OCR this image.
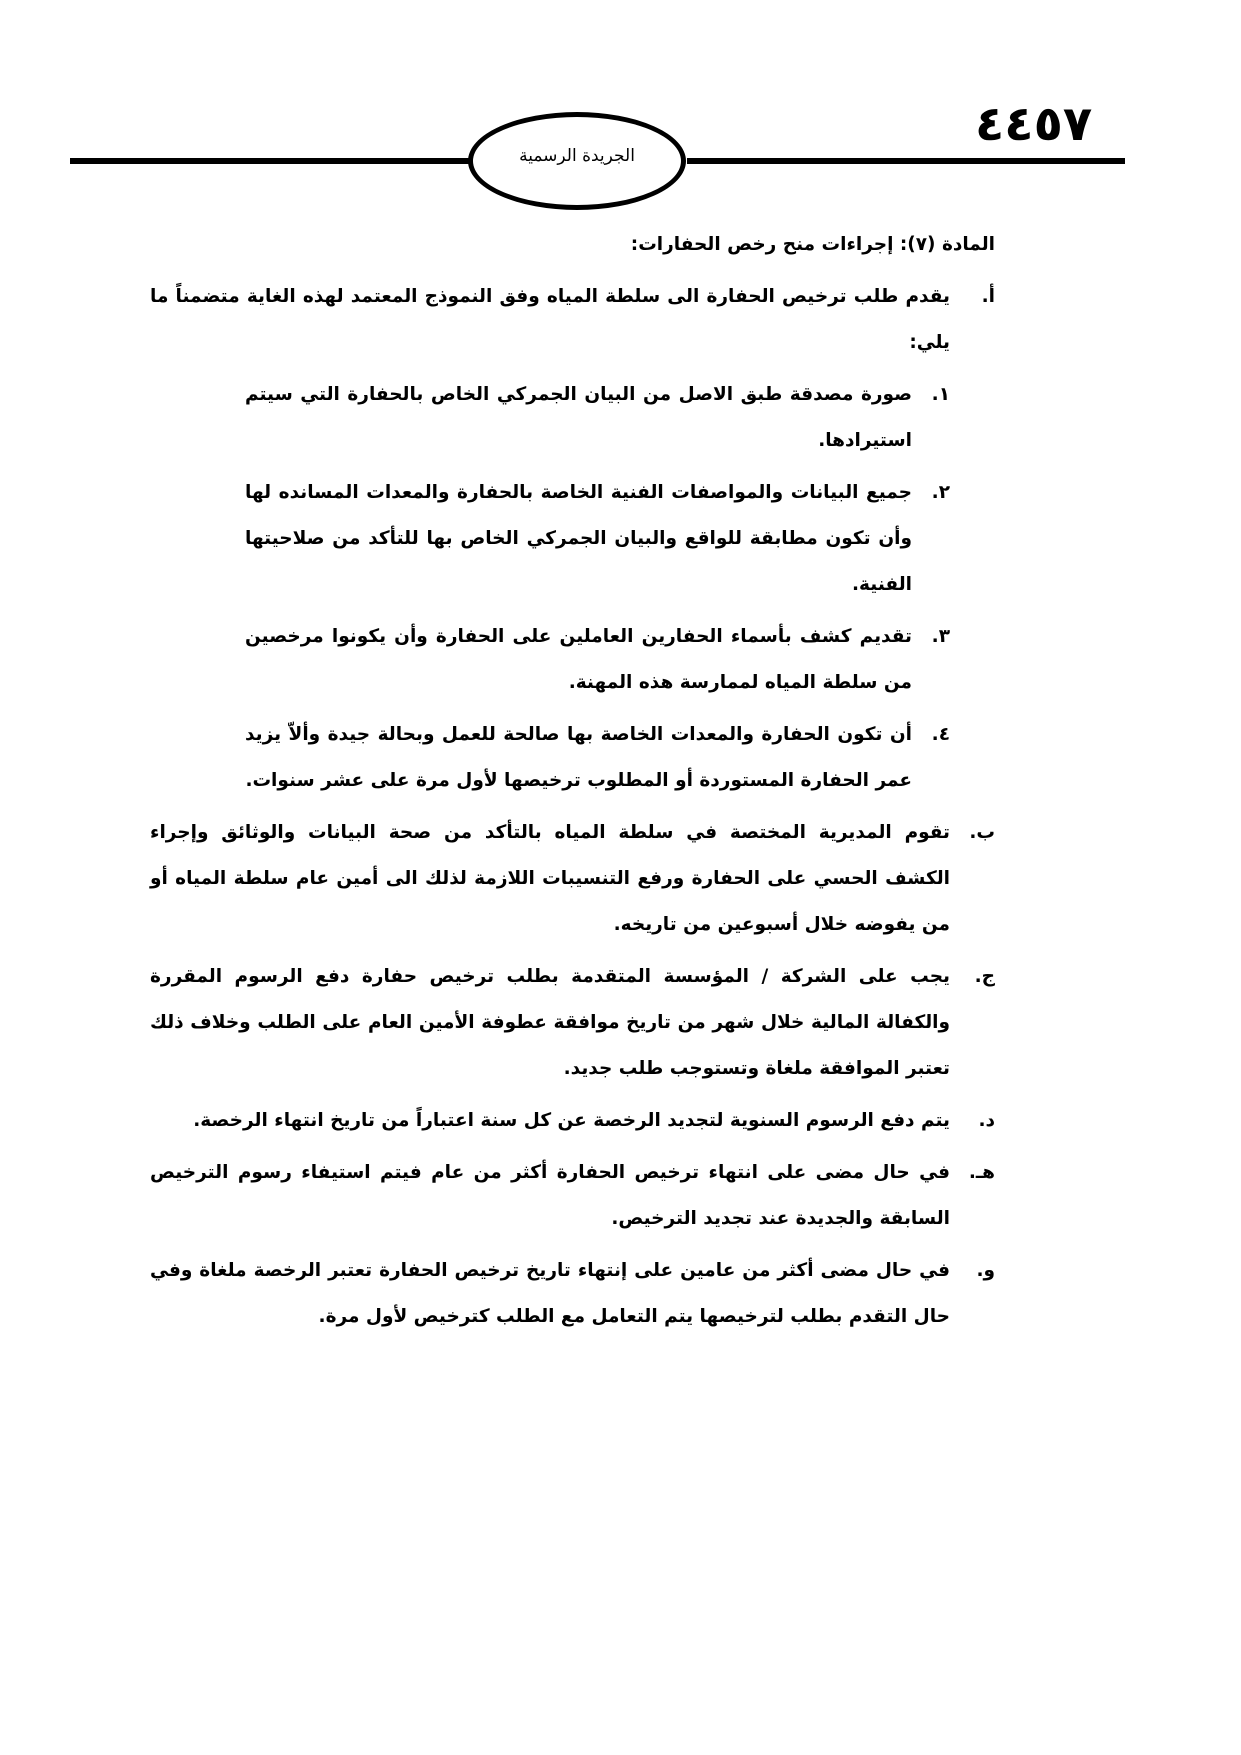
٤٤٥٧
الجريدة الرسمية
المادة (٧): إجراءات منح رخص الحفارات:
أ.
يقدم طلب ترخيص الحفارة الى سلطة المياه وفق النموذج المعتمد لهذه الغاية متضمناً ما يلي:
١.
صورة مصدقة طبق الاصل من البيان الجمركي الخاص بالحفارة التي سيتم استيرادها.
٢.
جميع البيانات والمواصفات الفنية الخاصة بالحفارة والمعدات المسانده لها وأن تكون مطابقة للواقع والبيان الجمركي الخاص بها للتأكد من صلاحيتها الفنية.
٣.
تقديم كشف بأسماء الحفارين العاملين على الحفارة وأن يكونوا مرخصين من سلطة المياه لممارسة هذه المهنة.
٤.
أن تكون الحفارة والمعدات الخاصة بها صالحة للعمل وبحالة جيدة وألاّ يزيد عمر الحفارة المستوردة أو المطلوب ترخيصها لأول مرة على عشر سنوات.
ب.
تقوم المديرية المختصة في سلطة المياه بالتأكد من صحة البيانات والوثائق وإجراء الكشف الحسي على الحفارة ورفع التنسيبات اللازمة لذلك الى أمين عام سلطة المياه أو من يفوضه خلال أسبوعين من تاريخه.
ج.
يجب على الشركة / المؤسسة المتقدمة بطلب ترخيص حفارة دفع الرسوم المقررة والكفالة المالية خلال شهر من تاريخ موافقة عطوفة الأمين العام على الطلب وخلاف ذلك تعتبر الموافقة ملغاة وتستوجب طلب جديد.
د.
يتم دفع الرسوم السنوية لتجديد الرخصة عن كل سنة اعتباراً من تاريخ انتهاء الرخصة.
هـ.
في حال مضى على انتهاء ترخيص الحفارة أكثر من عام فيتم استيفاء رسوم الترخيص السابقة والجديدة عند تجديد الترخيص.
و.
في حال مضى أكثر من عامين على إنتهاء تاريخ ترخيص الحفارة تعتبر الرخصة ملغاة وفي حال التقدم بطلب لترخيصها يتم التعامل مع الطلب كترخيص لأول مرة.
